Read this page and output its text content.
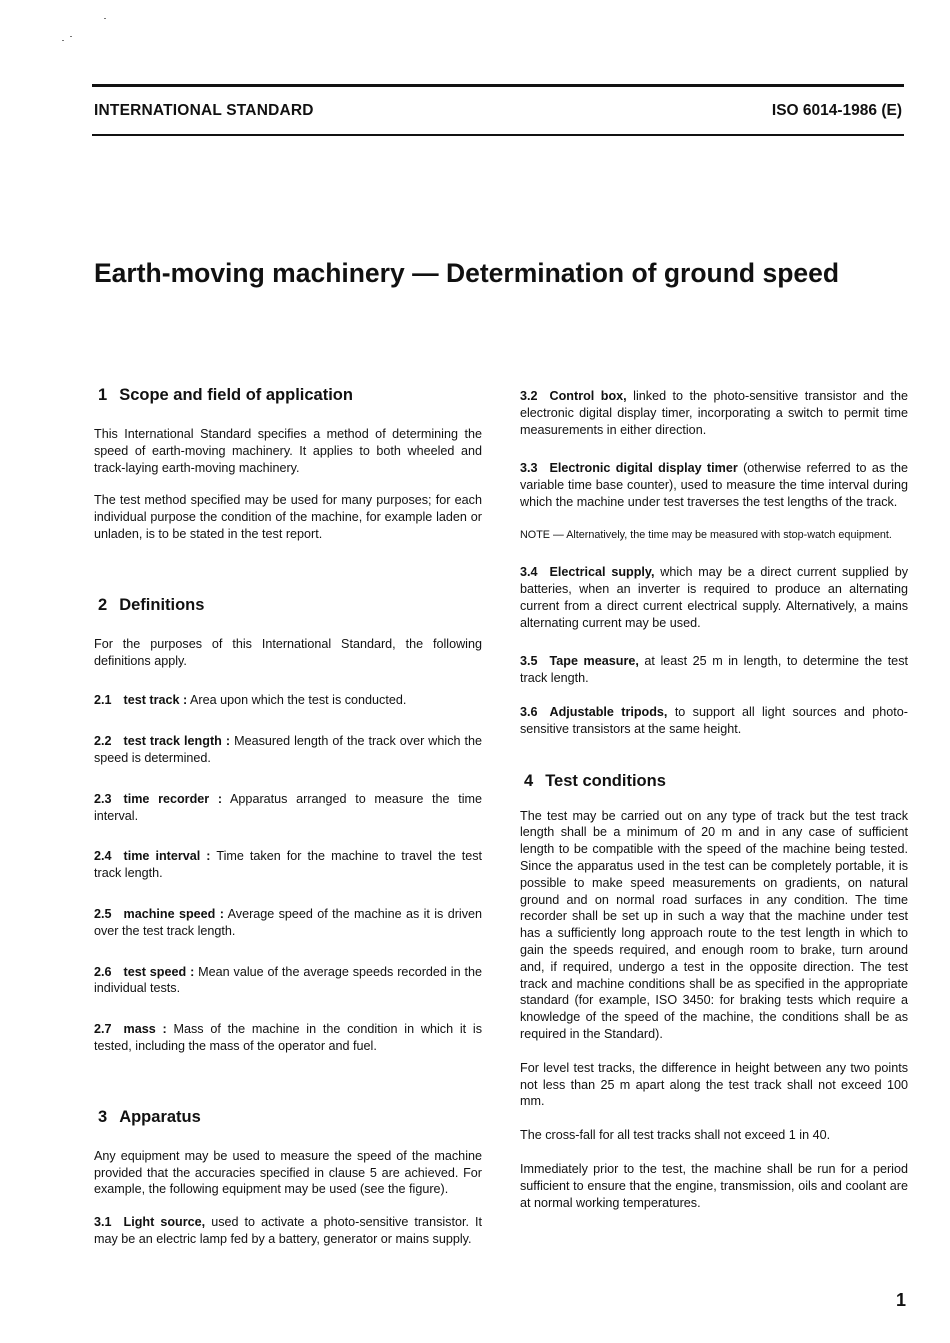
INTERNATIONAL STANDARD	ISO 6014-1986 (E)
Earth-moving machinery — Determination of ground speed
1 Scope and field of application

This International Standard specifies a method of determining the speed of earth-moving machinery. It applies to both wheeled and track-laying earth-moving machinery.

The test method specified may be used for many purposes; for each individual purpose the condition of the machine, for example laden or unladen, is to be stated in the test report.

2 Definitions

For the purposes of this International Standard, the following definitions apply.

2.1 test track : Area upon which the test is conducted.

2.2 test track length : Measured length of the track over which the speed is determined.

2.3 time recorder : Apparatus arranged to measure the time interval.

2.4 time interval : Time taken for the machine to travel the test track length.

2.5 machine speed : Average speed of the machine as it is driven over the test track length.

2.6 test speed : Mean value of the average speeds recorded in the individual tests.

2.7 mass : Mass of the machine in the condition in which it is tested, including the mass of the operator and fuel.

3 Apparatus

Any equipment may be used to measure the speed of the machine provided that the accuracies specified in clause 5 are achieved. For example, the following equipment may be used (see the figure).

3.1 Light source, used to activate a photo-sensitive transistor. It may be an electric lamp fed by a battery, generator or mains supply.

3.2 Control box, linked to the photo-sensitive transistor and the electronic digital display timer, incorporating a switch to permit time measurements in either direction.

3.3 Electronic digital display timer (otherwise referred to as the variable time base counter), used to measure the time interval during which the machine under test traverses the test lengths of the track.

NOTE — Alternatively, the time may be measured with stop-watch equipment.

3.4 Electrical supply, which may be a direct current supplied by batteries, when an inverter is required to produce an alternating current from a direct current electrical supply. Alternatively, a mains alternating current may be used.

3.5 Tape measure, at least 25 m in length, to determine the test track length.

3.6 Adjustable tripods, to support all light sources and photo-sensitive transistors at the same height.

4 Test conditions

The test may be carried out on any type of track but the test track length shall be a minimum of 20 m and in any case of sufficient length to be compatible with the speed of the machine being tested. Since the apparatus used in the test can be completely portable, it is possible to make speed measurements on gradients, on natural ground and on normal road surfaces in any condition. The time recorder shall be set up in such a way that the machine under test has a sufficiently long approach route to the test length in which to gain the speeds required, and enough room to brake, turn around and, if required, undergo a test in the opposite direction. The test track and machine conditions shall be as specified in the appropriate standard (for example, ISO 3450: for braking tests which require a knowledge of the speed of the machine, the conditions shall be as required in the Standard).

For level test tracks, the difference in height between any two points not less than 25 m apart along the test track shall not exceed 100 mm.

The cross-fall for all test tracks shall not exceed 1 in 40.

Immediately prior to the test, the machine shall be run for a period sufficient to ensure that the engine, transmission, oils and coolant are at normal working temperatures.

1
